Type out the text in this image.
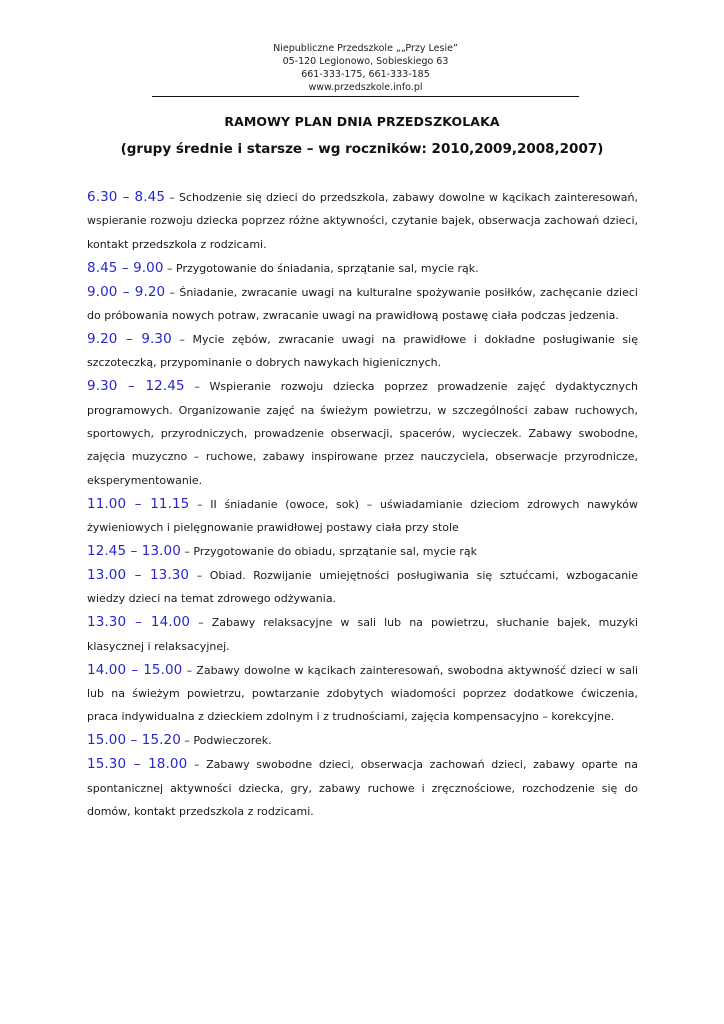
Niepubliczne Przedszkole „„Przy Lesie”
05-120 Legionowo, Sobieskiego 63
661-333-175, 661-333-185
www.przedszkole.info.pl
RAMOWY PLAN DNIA PRZEDSZKOLAKA
(grupy średnie i starsze – wg roczników: 2010,2009,2008,2007)

6.30 – 8.45 – Schodzenie się dzieci do przedszkola, zabawy dowolne w kącikach zainteresowań, wspieranie rozwoju dziecka poprzez różne aktywności, czytanie bajek, obserwacja zachowań dzieci, kontakt przedszkola z rodzicami.

8.45 – 9.00 – Przygotowanie do śniadania, sprzątanie sal, mycie rąk.

9.00 – 9.20 – Śniadanie, zwracanie uwagi na kulturalne spożywanie posiłków, zachęcanie dzieci do próbowania nowych potraw, zwracanie uwagi na prawidłową postawę ciała podczas jedzenia.

9.20 – 9.30 – Mycie zębów, zwracanie uwagi na prawidłowe i dokładne posługiwanie się szczoteczką, przypominanie o dobrych nawykach higienicznych.

9.30 – 12.45 – Wspieranie rozwoju dziecka poprzez prowadzenie zajęć dydaktycznych programowych. Organizowanie zajęć na świeżym powietrzu, w szczególności zabaw ruchowych, sportowych, przyrodniczych, prowadzenie obserwacji, spacerów, wycieczek. Zabawy swobodne, zajęcia muzyczno – ruchowe, zabawy inspirowane przez nauczyciela, obserwacje przyrodnicze, eksperymentowanie.

11.00 – 11.15 – II śniadanie (owoce, sok) – uświadamianie dzieciom zdrowych nawyków żywieniowych i pielęgnowanie prawidłowej postawy ciała przy stole

12.45 – 13.00 – Przygotowanie do obiadu, sprzątanie sal, mycie rąk

13.00 – 13.30 – Obiad. Rozwijanie umiejętności posługiwania się sztućcami, wzbogacanie wiedzy dzieci na temat zdrowego odżywania.

13.30 – 14.00 – Zabawy relaksacyjne w sali lub na powietrzu, słuchanie bajek, muzyki klasycznej i relaksacyjnej.

14.00 – 15.00 – Zabawy dowolne w kącikach zainteresowań, swobodna aktywność dzieci w sali lub na świeżym powietrzu, powtarzanie zdobytych wiadomości poprzez dodatkowe ćwiczenia, praca indywidualna z dzieckiem zdolnym i z trudnościami, zajęcia kompensacyjno – korekcyjne.

15.00 – 15.20 – Podwieczorek.

15.30 – 18.00 – Zabawy swobodne dzieci, obserwacja zachowań dzieci, zabawy oparte na spontanicznej aktywności dziecka, gry, zabawy ruchowe i zręcznościowe, rozchodzenie się do domów, kontakt przedszkola z rodzicami.
